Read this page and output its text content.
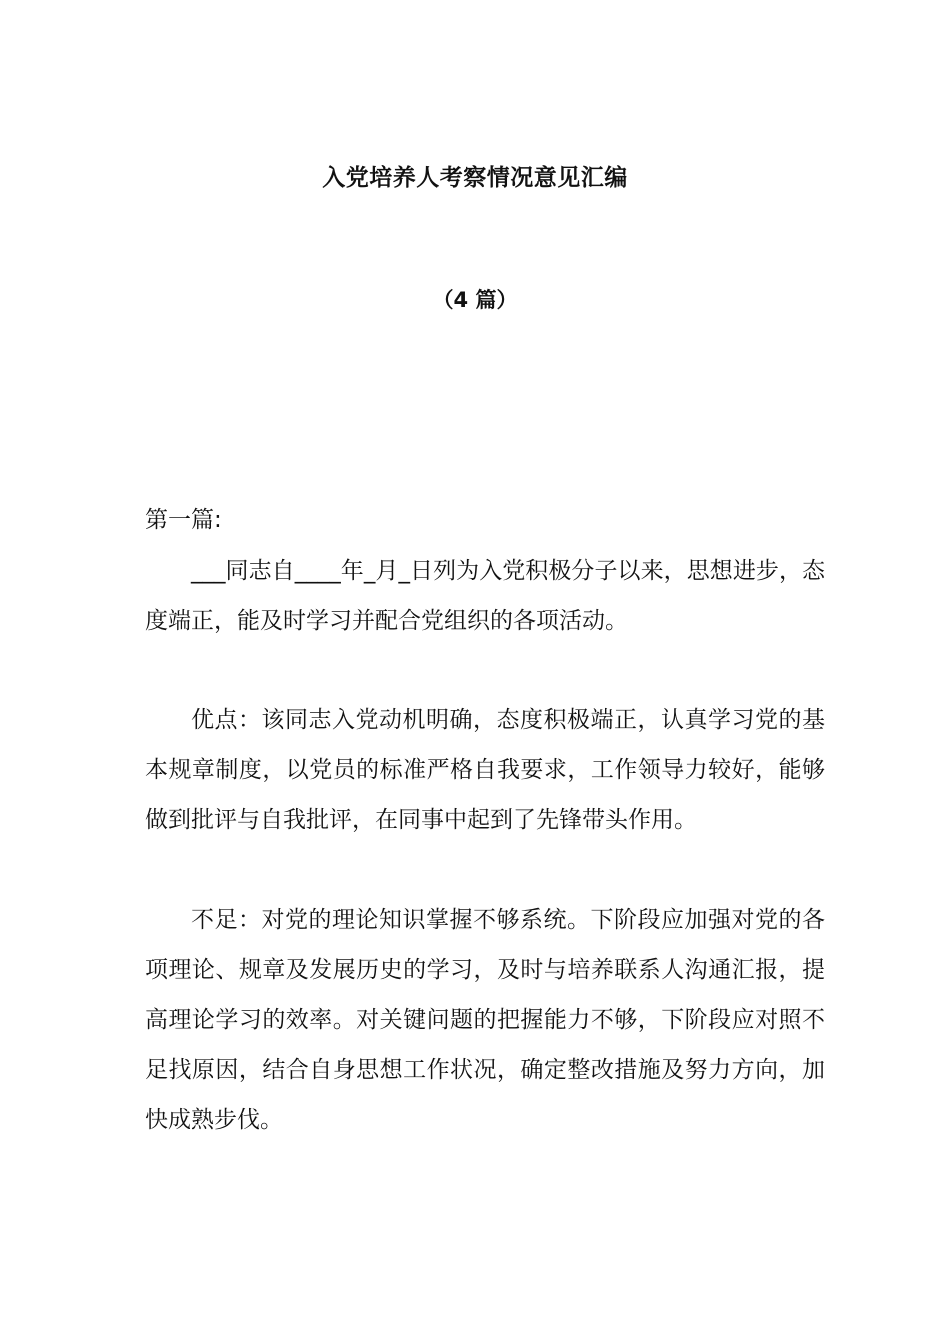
入党培养人考察情况意见汇编
（4 篇）
第一篇:

___同志自____年_月_日列为入党积极分子以来，思想进步，态度端正，能及时学习并配合党组织的各项活动。

优点：该同志入党动机明确，态度积极端正，认真学习党的基本规章制度，以党员的标准严格自我要求，工作领导力较好，能够做到批评与自我批评，在同事中起到了先锋带头作用。

不足：对党的理论知识掌握不够系统。下阶段应加强对党的各项理论、规章及发展历史的学习，及时与培养联系人沟通汇报，提高理论学习的效率。对关键问题的把握能力不够，下阶段应对照不足找原因，结合自身思想工作状况，确定整改措施及努力方向，加快成熟步伐。
